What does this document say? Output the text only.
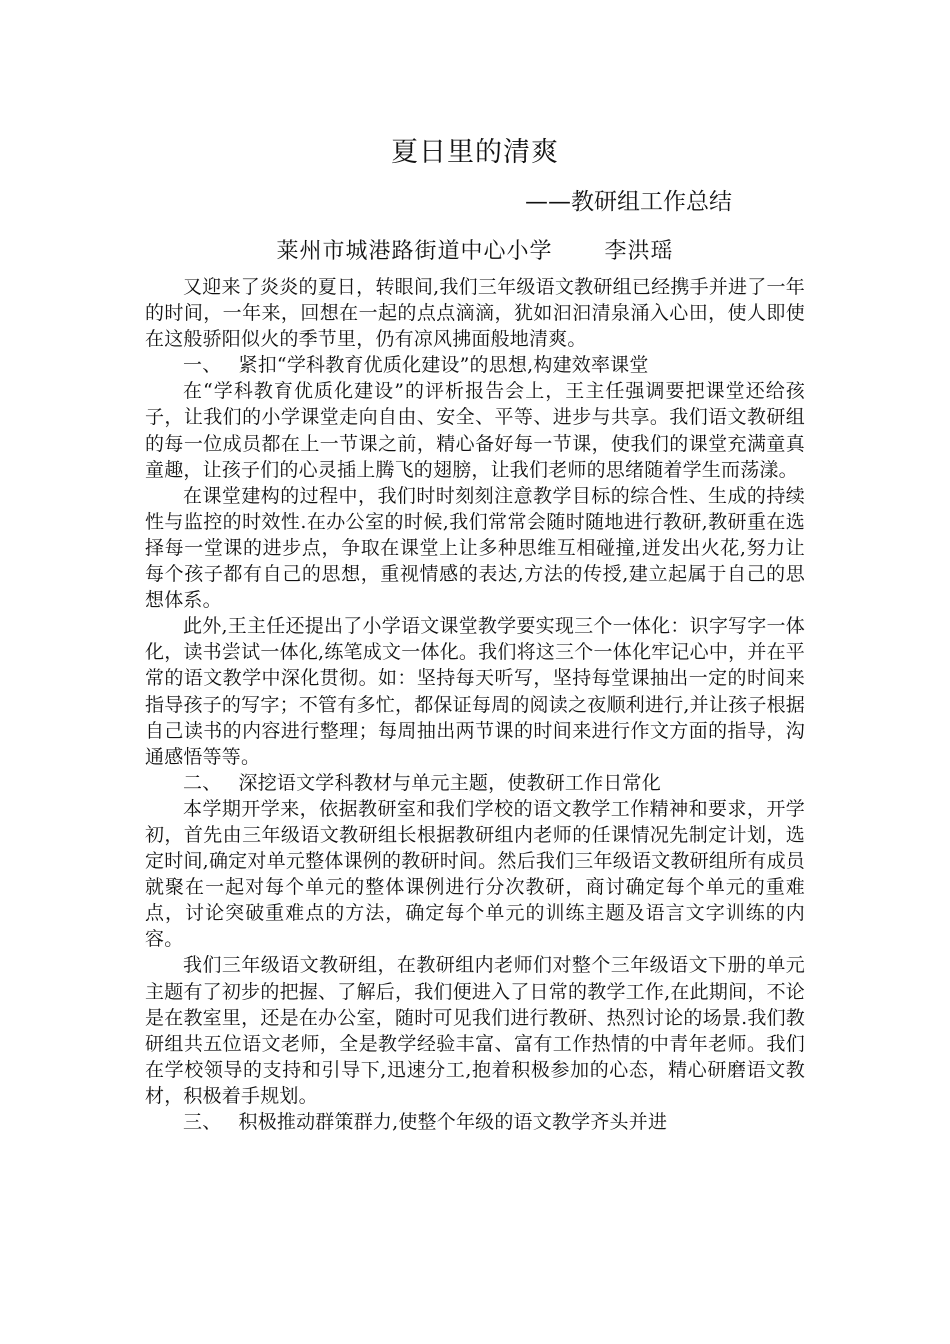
夏日里的清爽
——教研组工作总结
莱州市城港路街道中心小学 李洪瑶

又迎来了炎炎的夏日，转眼间,我们三年级语文教研组已经携手并进了一年的时间，一年来，回想在一起的点点滴滴，犹如汩汩清泉涌入心田，使人即使在这般骄阳似火的季节里，仍有凉风拂面般地清爽。

一、 紧扣“学科教育优质化建设”的思想,构建效率课堂

在“学科教育优质化建设”的评析报告会上，王主任强调要把课堂还给孩子，让我们的小学课堂走向自由、安全、平等、进步与共享。我们语文教研组的每一位成员都在上一节课之前，精心备好每一节课，使我们的课堂充满童真童趣，让孩子们的心灵插上腾飞的翅膀，让我们老师的思绪随着学生而荡漾。

在课堂建构的过程中，我们时时刻刻注意教学目标的综合性、生成的持续性与监控的时效性.在办公室的时候,我们常常会随时随地进行教研,教研重在选择每一堂课的进步点，争取在课堂上让多种思维互相碰撞,迸发出火花,努力让每个孩子都有自己的思想，重视情感的表达,方法的传授,建立起属于自己的思想体系。

此外,王主任还提出了小学语文课堂教学要实现三个一体化：识字写字一体化，读书尝试一体化,练笔成文一体化。我们将这三个一体化牢记心中，并在平常的语文教学中深化贯彻。如：坚持每天听写，坚持每堂课抽出一定的时间来指导孩子的写字；不管有多忙，都保证每周的阅读之夜顺利进行,并让孩子根据自己读书的内容进行整理；每周抽出两节课的时间来进行作文方面的指导，沟通感悟等等。

二、 深挖语文学科教材与单元主题，使教研工作日常化

本学期开学来，依据教研室和我们学校的语文教学工作精神和要求，开学初，首先由三年级语文教研组长根据教研组内老师的任课情况先制定计划，选定时间,确定对单元整体课例的教研时间。然后我们三年级语文教研组所有成员就聚在一起对每个单元的整体课例进行分次教研，商讨确定每个单元的重难点，讨论突破重难点的方法，确定每个单元的训练主题及语言文字训练的内容。

我们三年级语文教研组，在教研组内老师们对整个三年级语文下册的单元主题有了初步的把握、了解后，我们便进入了日常的教学工作,在此期间，不论是在教室里，还是在办公室，随时可见我们进行教研、热烈讨论的场景.我们教研组共五位语文老师，全是教学经验丰富、富有工作热情的中青年老师。我们在学校领导的支持和引导下,迅速分工,抱着积极参加的心态，精心研磨语文教材，积极着手规划。

三、 积极推动群策群力,使整个年级的语文教学齐头并进
